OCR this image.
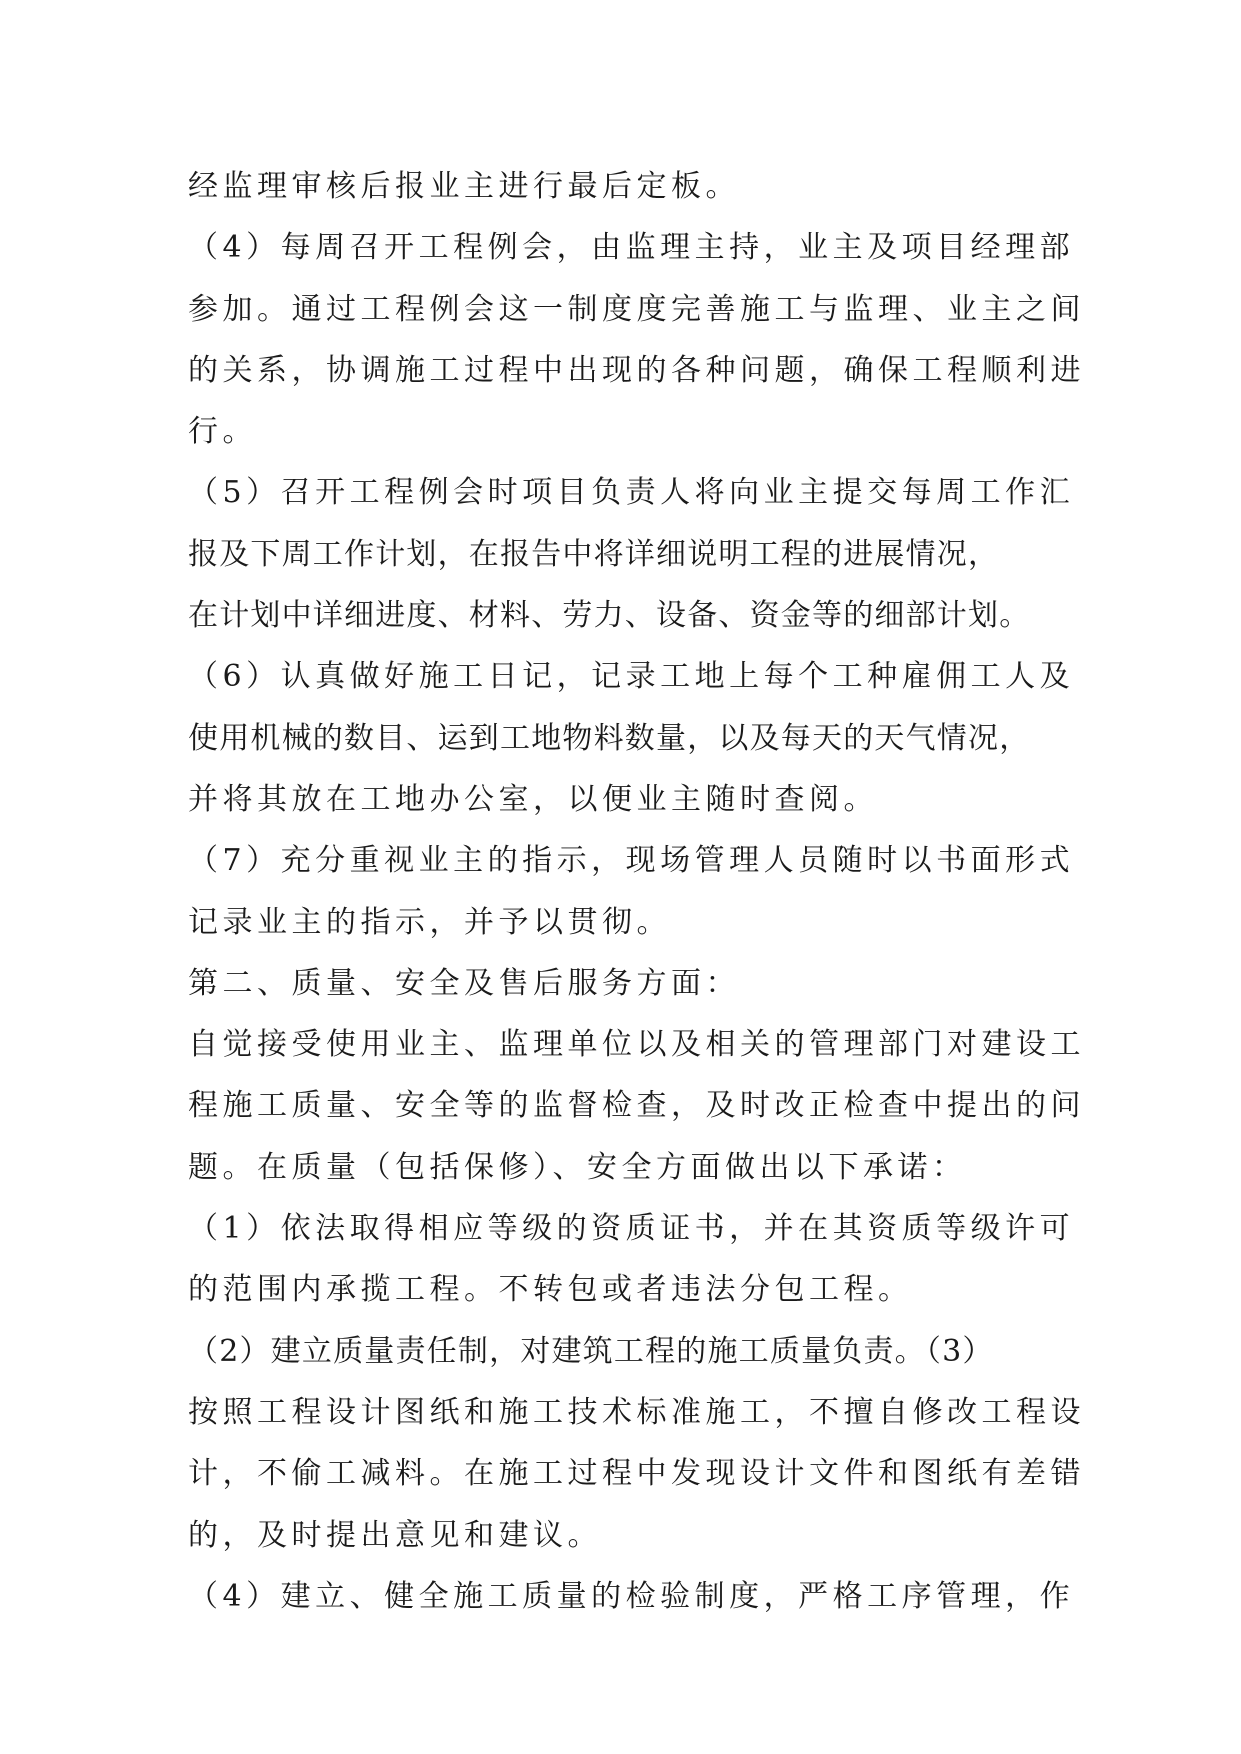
经监理审核后报业主进行最后定板。
（4）每周召开工程例会，由监理主持，业主及项目经理部
参加。通过工程例会这一制度度完善施工与监理、业主之间
的关系，协调施工过程中出现的各种问题，确保工程顺利进
行。
（5）召开工程例会时项目负责人将向业主提交每周工作汇
报及下周工作计划，在报告中将详细说明工程的进展情况，
在计划中详细进度、材料、劳力、设备、资金等的细部计划。
（6）认真做好施工日记，记录工地上每个工种雇佣工人及
使用机械的数目、运到工地物料数量，以及每天的天气情况，
并将其放在工地办公室，以便业主随时查阅。
（7）充分重视业主的指示，现场管理人员随时以书面形式
记录业主的指示，并予以贯彻。
第二、质量、安全及售后服务方面：
自觉接受使用业主、监理单位以及相关的管理部门对建设工
程施工质量、安全等的监督检查，及时改正检查中提出的问
题。在质量（包括保修）、安全方面做出以下承诺：
（1）依法取得相应等级的资质证书，并在其资质等级许可
的范围内承揽工程。不转包或者违法分包工程。
（2）建立质量责任制，对建筑工程的施工质量负责。（3）
按照工程设计图纸和施工技术标准施工，不擅自修改工程设
计，不偷工减料。在施工过程中发现设计文件和图纸有差错
的，及时提出意见和建议。
（4）建立、健全施工质量的检验制度，严格工序管理，作
